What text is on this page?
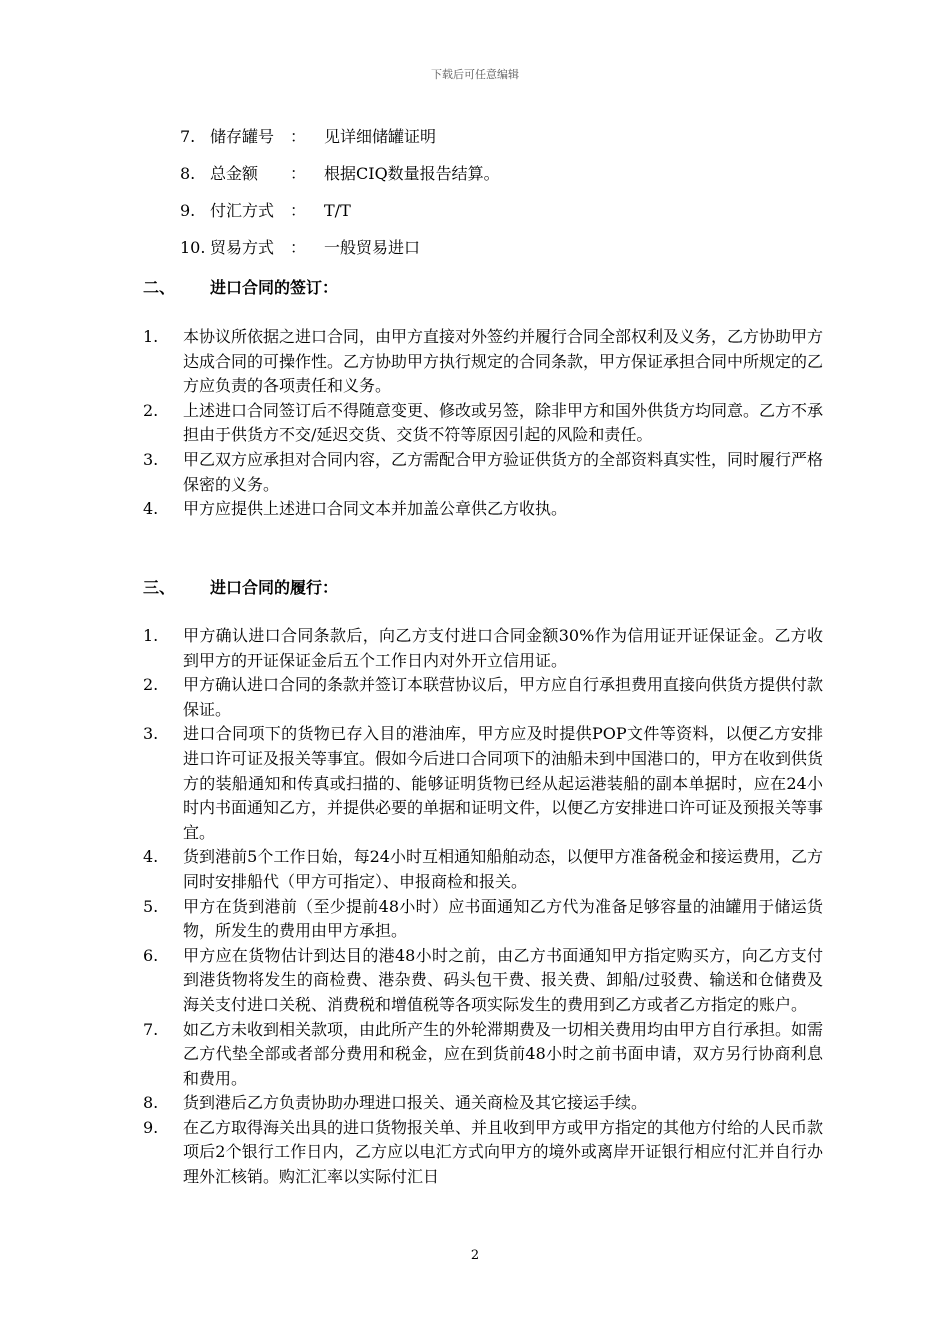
下载后可任意编辑
7. 储存罐号 ： 见详细储罐证明
8. 总金额 ： 根据CIQ数量报告结算。
9. 付汇方式 ： T/T
10. 贸易方式 ： 一般贸易进口
二、 进口合同的签订：
1. 本协议所依据之进口合同，由甲方直接对外签约并履行合同全部权利及义务，乙方协助甲方达成合同的可操作性。乙方协助甲方执行规定的合同条款，甲方保证承担合同中所规定的乙方应负责的各项责任和义务。
2. 上述进口合同签订后不得随意变更、修改或另签，除非甲方和国外供货方均同意。乙方不承担由于供货方不交/延迟交货、交货不符等原因引起的风险和责任。
3. 甲乙双方应承担对合同内容，乙方需配合甲方验证供货方的全部资料真实性，同时履行严格保密的义务。
4. 甲方应提供上述进口合同文本并加盖公章供乙方收执。
三、 进口合同的履行：
1. 甲方确认进口合同条款后，向乙方支付进口合同金额30%作为信用证开证保证金。乙方收到甲方的开证保证金后五个工作日内对外开立信用证。
2. 甲方确认进口合同的条款并签订本联营协议后，甲方应自行承担费用直接向供货方提供付款保证。
3. 进口合同项下的货物已存入目的港油库，甲方应及时提供POP文件等资料，以便乙方安排进口许可证及报关等事宜。假如今后进口合同项下的油船未到中国港口的，甲方在收到供货方的装船通知和传真或扫描的、能够证明货物已经从起运港装船的副本单据时，应在24小时内书面通知乙方，并提供必要的单据和证明文件，以便乙方安排进口许可证及预报关等事宜。
4. 货到港前5个工作日始，每24小时互相通知船舶动态，以便甲方准备税金和接运费用，乙方同时安排船代（甲方可指定）、申报商检和报关。
5. 甲方在货到港前（至少提前48小时）应书面通知乙方代为准备足够容量的油罐用于储运货物，所发生的费用由甲方承担。
6. 甲方应在货物估计到达目的港48小时之前，由乙方书面通知甲方指定购买方，向乙方支付到港货物将发生的商检费、港杂费、码头包干费、报关费、卸船/过驳费、输送和仓储费及海关支付进口关税、消费税和增值税等各项实际发生的费用到乙方或者乙方指定的账户。
7. 如乙方未收到相关款项，由此所产生的外轮滞期费及一切相关费用均由甲方自行承担。如需乙方代垫全部或者部分费用和税金，应在到货前48小时之前书面申请，双方另行协商利息和费用。
8. 货到港后乙方负责协助办理进口报关、通关商检及其它接运手续。
9. 在乙方取得海关出具的进口货物报关单、并且收到甲方或甲方指定的其他方付给的人民币款项后2个银行工作日内，乙方应以电汇方式向甲方的境外或离岸开证银行相应付汇并自行办理外汇核销。购汇汇率以实际付汇日
2
